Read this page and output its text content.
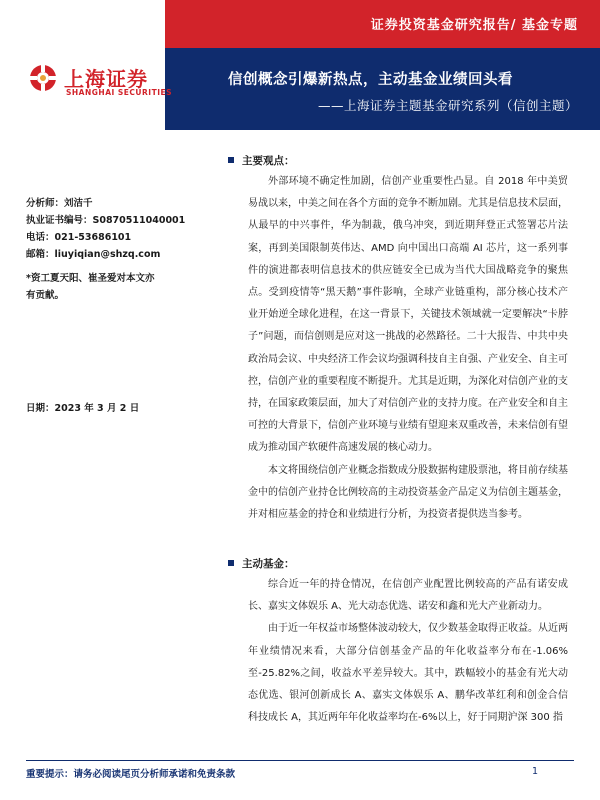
证券投资基金研究报告/ 基金专题
上海证券
SHANGHAI SECURITIES
信创概念引爆新热点，主动基金业绩回头看
——上海证券主题基金研究系列（信创主题）
分析师：刘洁千
执业证书编号：S0870511040001
电话：021-53686101
邮箱：liuyiqian@shzq.com
*资工夏天阳、崔圣爱对本文亦有贡献。
日期：2023 年 3 月 2 日
主要观点：

外部环境不确定性加剧，信创产业重要性凸显。自 2018 年中美贸易战以来，中美之间在各个方面的竞争不断加剧。尤其是信息技术层面，从最早的中兴事件，华为制裁，俄乌冲突，到近期拜登正式签署芯片法案，再到美国限制英伟达、AMD 向中国出口高端 AI 芯片，这一系列事件的演进都表明信息技术的供应链安全已成为当代大国战略竞争的聚焦点。受到疫情等“黑天鹅”事件影响，全球产业链重构，部分核心技术产业开始逆全球化进程，在这一背景下，关键技术领域就一定要解决“卡脖子”问题，而信创则是应对这一挑战的必然路径。二十大报告、中共中央政治局会议、中央经济工作会议均强调科技自主自强、产业安全、自主可控，信创产业的重要程度不断提升。尤其是近期，为深化对信创产业的支持，在国家政策层面，加大了对信创产业的支持力度。在产业安全和自主可控的大背景下，信创产业环境与业绩有望迎来双重改善，未来信创有望成为推动国产软硬件高速发展的核心动力。

本文将围绕信创产业概念指数成分股数据构建股票池，将目前存续基金中的信创产业持仓比例较高的主动投资基金产品定义为信创主题基金，并对相应基金的持仓和业绩进行分析，为投资者提供迭当参考。

主动基金：

综合近一年的持仓情况，在信创产业配置比例较高的产品有诺安成长、嘉实文体娱乐 A、光大动态优选、诺安和鑫和光大产业新动力。

由于近一年权益市场整体波动较大，仅少数基金取得正收益。从近两年业绩情况来看，大部分信创基金产品的年化收益率分布在-1.06%至-25.82%之间，收益水平差异较大。其中，跌幅较小的基金有光大动态优选、银河创新成长 A、嘉实文体娱乐 A、鹏华改革红利和创金合信科技成长 A，其近两年年化收益率均在-6%以上，好于同期沪深 300 指

重要提示：请务必阅读尾页分析师承诺和免责条款	1
